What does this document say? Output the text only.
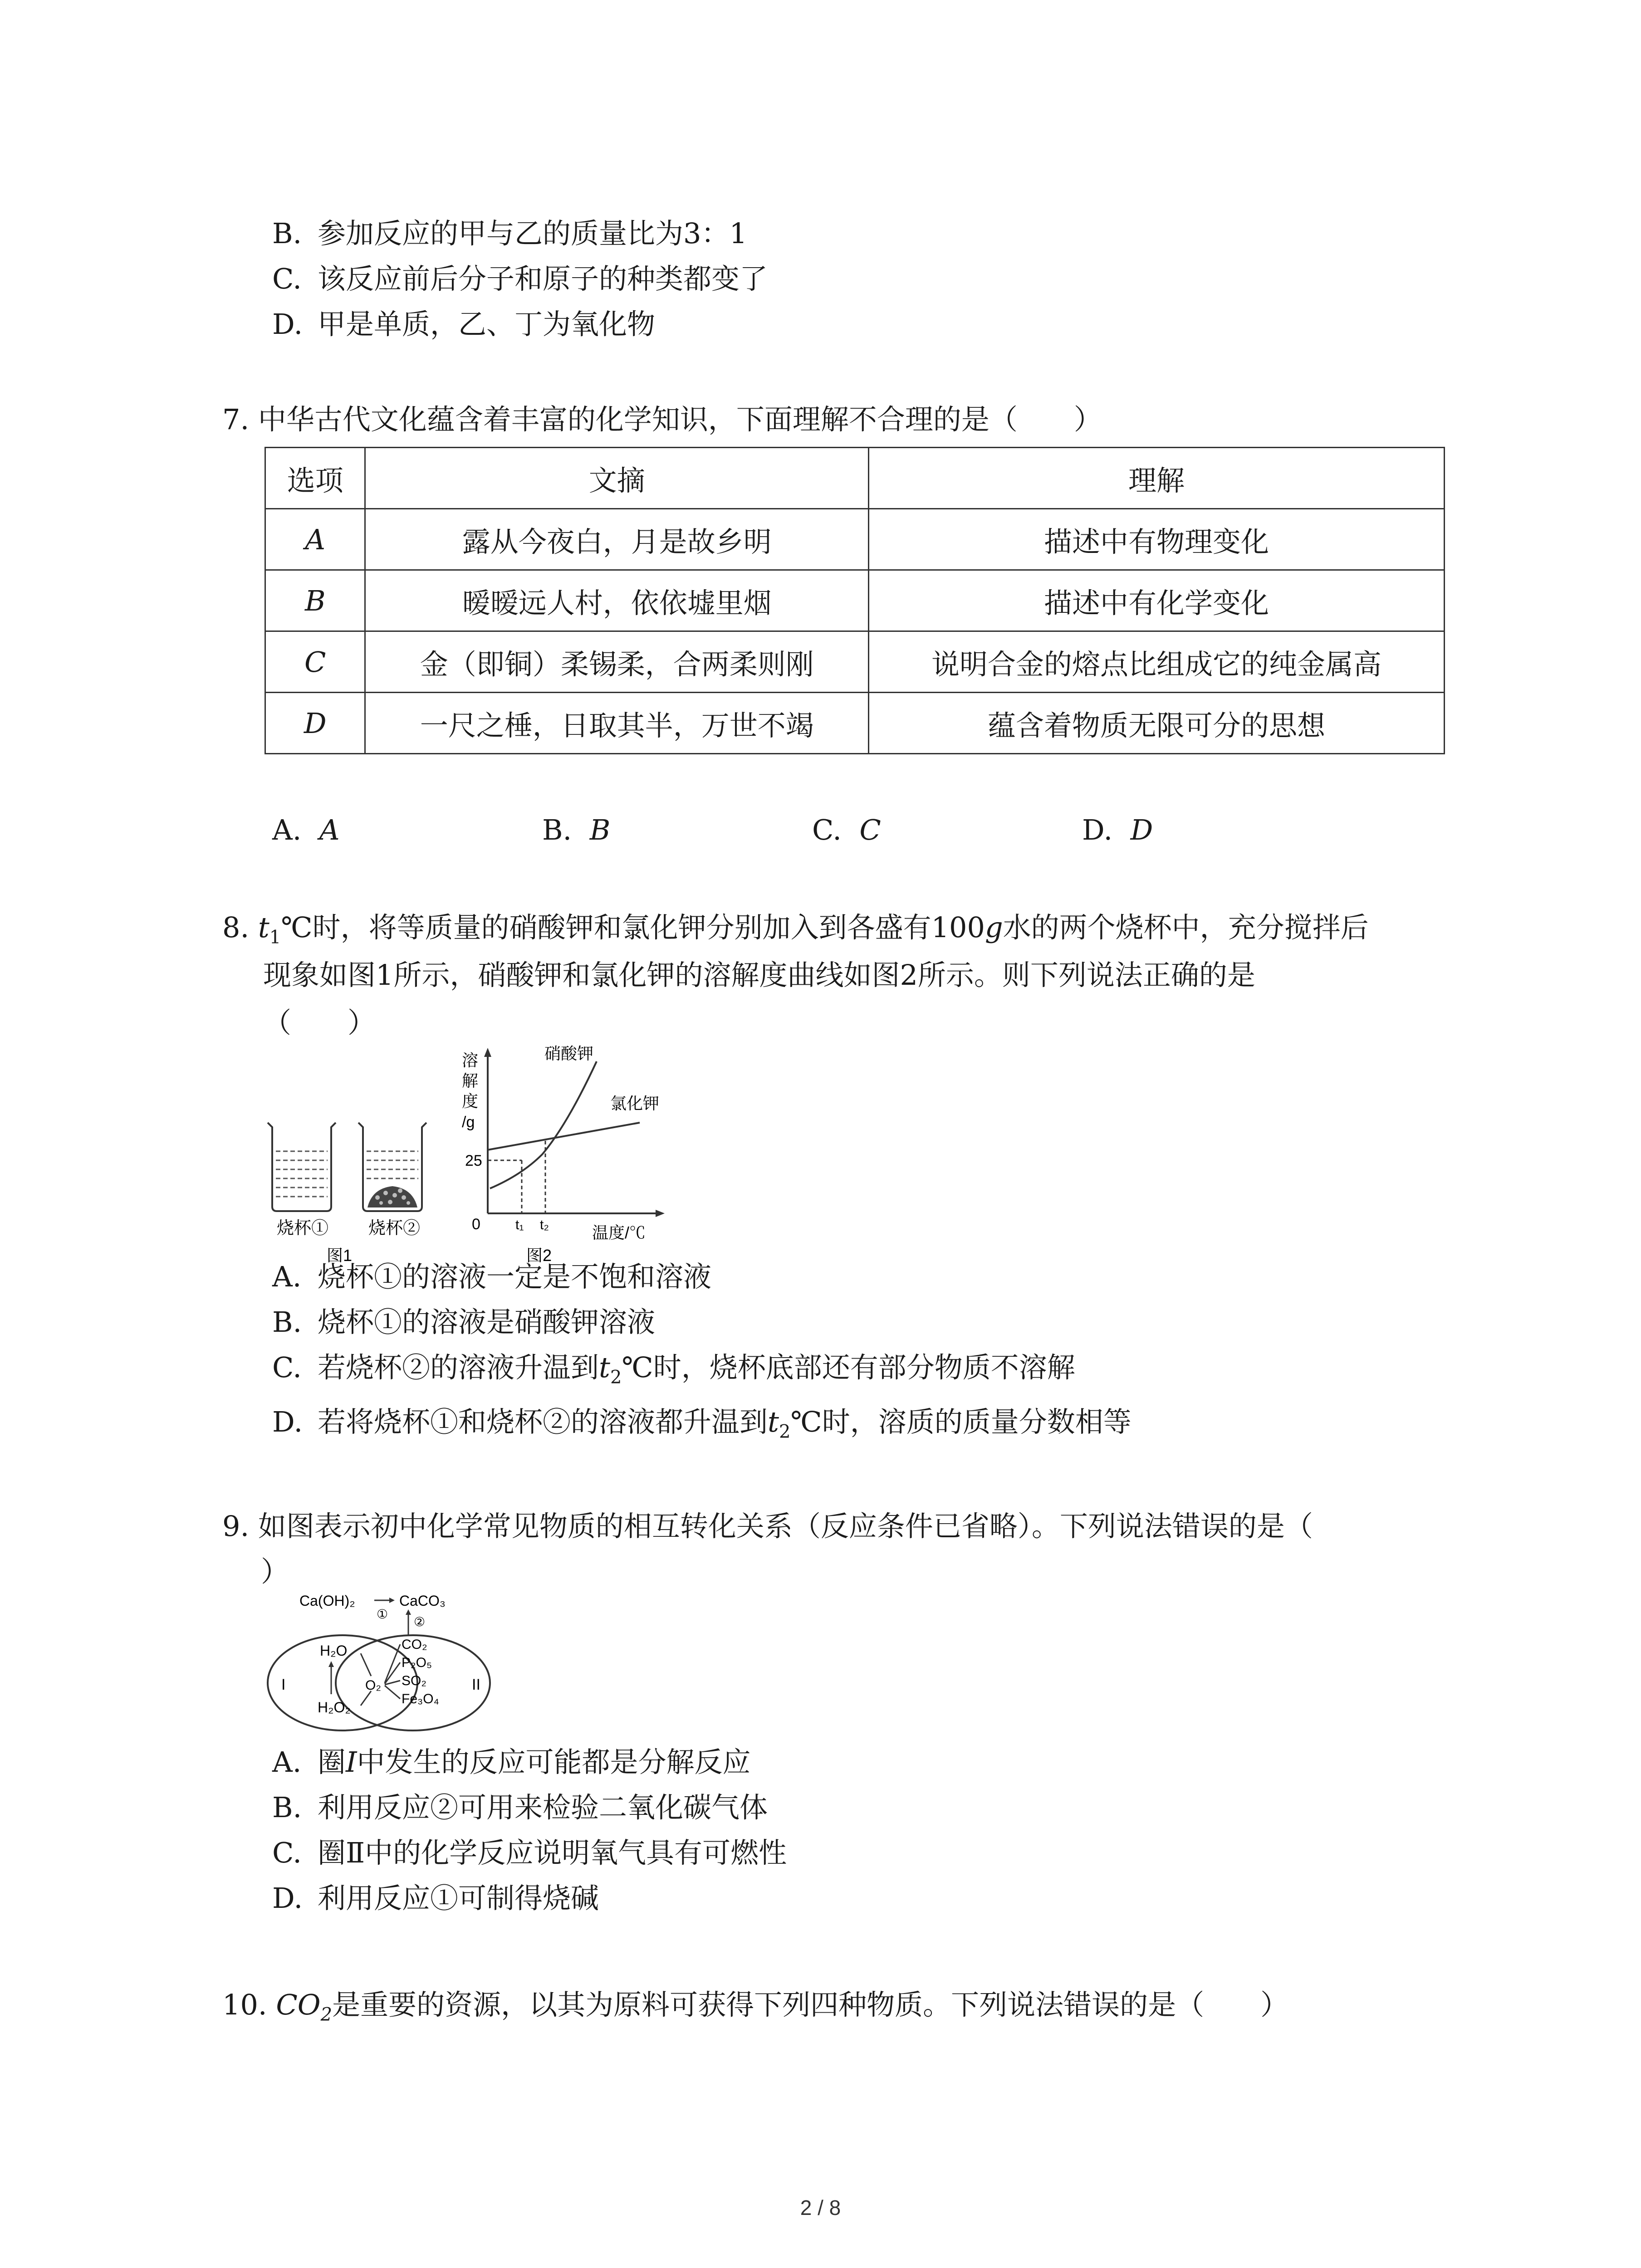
B. 参加反应的甲与乙的质量比为3：1
C. 该反应前后分子和原子的种类都变了
D. 甲是单质，乙、丁为氧化物
7. 中华古代文化蕴含着丰富的化学知识，下面理解不合理的是（　　）
选项	文摘	理解
A	露从今夜白，月是故乡明	描述中有物理变化
B	暧暧远人村，依依墟里烟	描述中有化学变化
C	金（即铜）柔锡柔，合两柔则刚	说明合金的熔点比组成它的纯金属高
D	一尺之棰，日取其半，万世不竭	蕴含着物质无限可分的思想
A. A	B. B	C. C	D. D
8. $t_1℃$时，将等质量的硝酸钾和氯化钾分别加入到各盛有100g水的两个烧杯中，充分搅拌后
现象如图1所示，硝酸钾和氯化钾的溶解度曲线如图2所示。则下列说法正确的是
（　　）
烧杯① 烧杯②
图1
溶
解
度
/g
25
0	t₁ t₂	温度/℃
硝酸钾
氯化钾
图2
A. 烧杯①的溶液一定是不饱和溶液
B. 烧杯①的溶液是硝酸钾溶液
C. 若烧杯②的溶液升温到$t_2℃$时，烧杯底部还有部分物质不溶解
D. 若将烧杯①和烧杯②的溶液都升温到$t_2℃$时，溶质的质量分数相等
9. 如图表示初中化学常见物质的相互转化关系（反应条件已省略）。下列说法错误的是（
）
I	II
Ca(OH)₂	CaCO₃
①
②
H₂O
H₂O₂
O₂
CO₂
P₂O₅
SO₂
Fe₃O₄
A. 圈I中发生的反应可能都是分解反应
B. 利用反应②可用来检验二氧化碳气体
C. 圈Ⅱ中的化学反应说明氧气具有可燃性
D. 利用反应①可制得烧碱
10. $CO_2$是重要的资源，以其为原料可获得下列四种物质。下列说法错误的是（　　）
2 / 8
